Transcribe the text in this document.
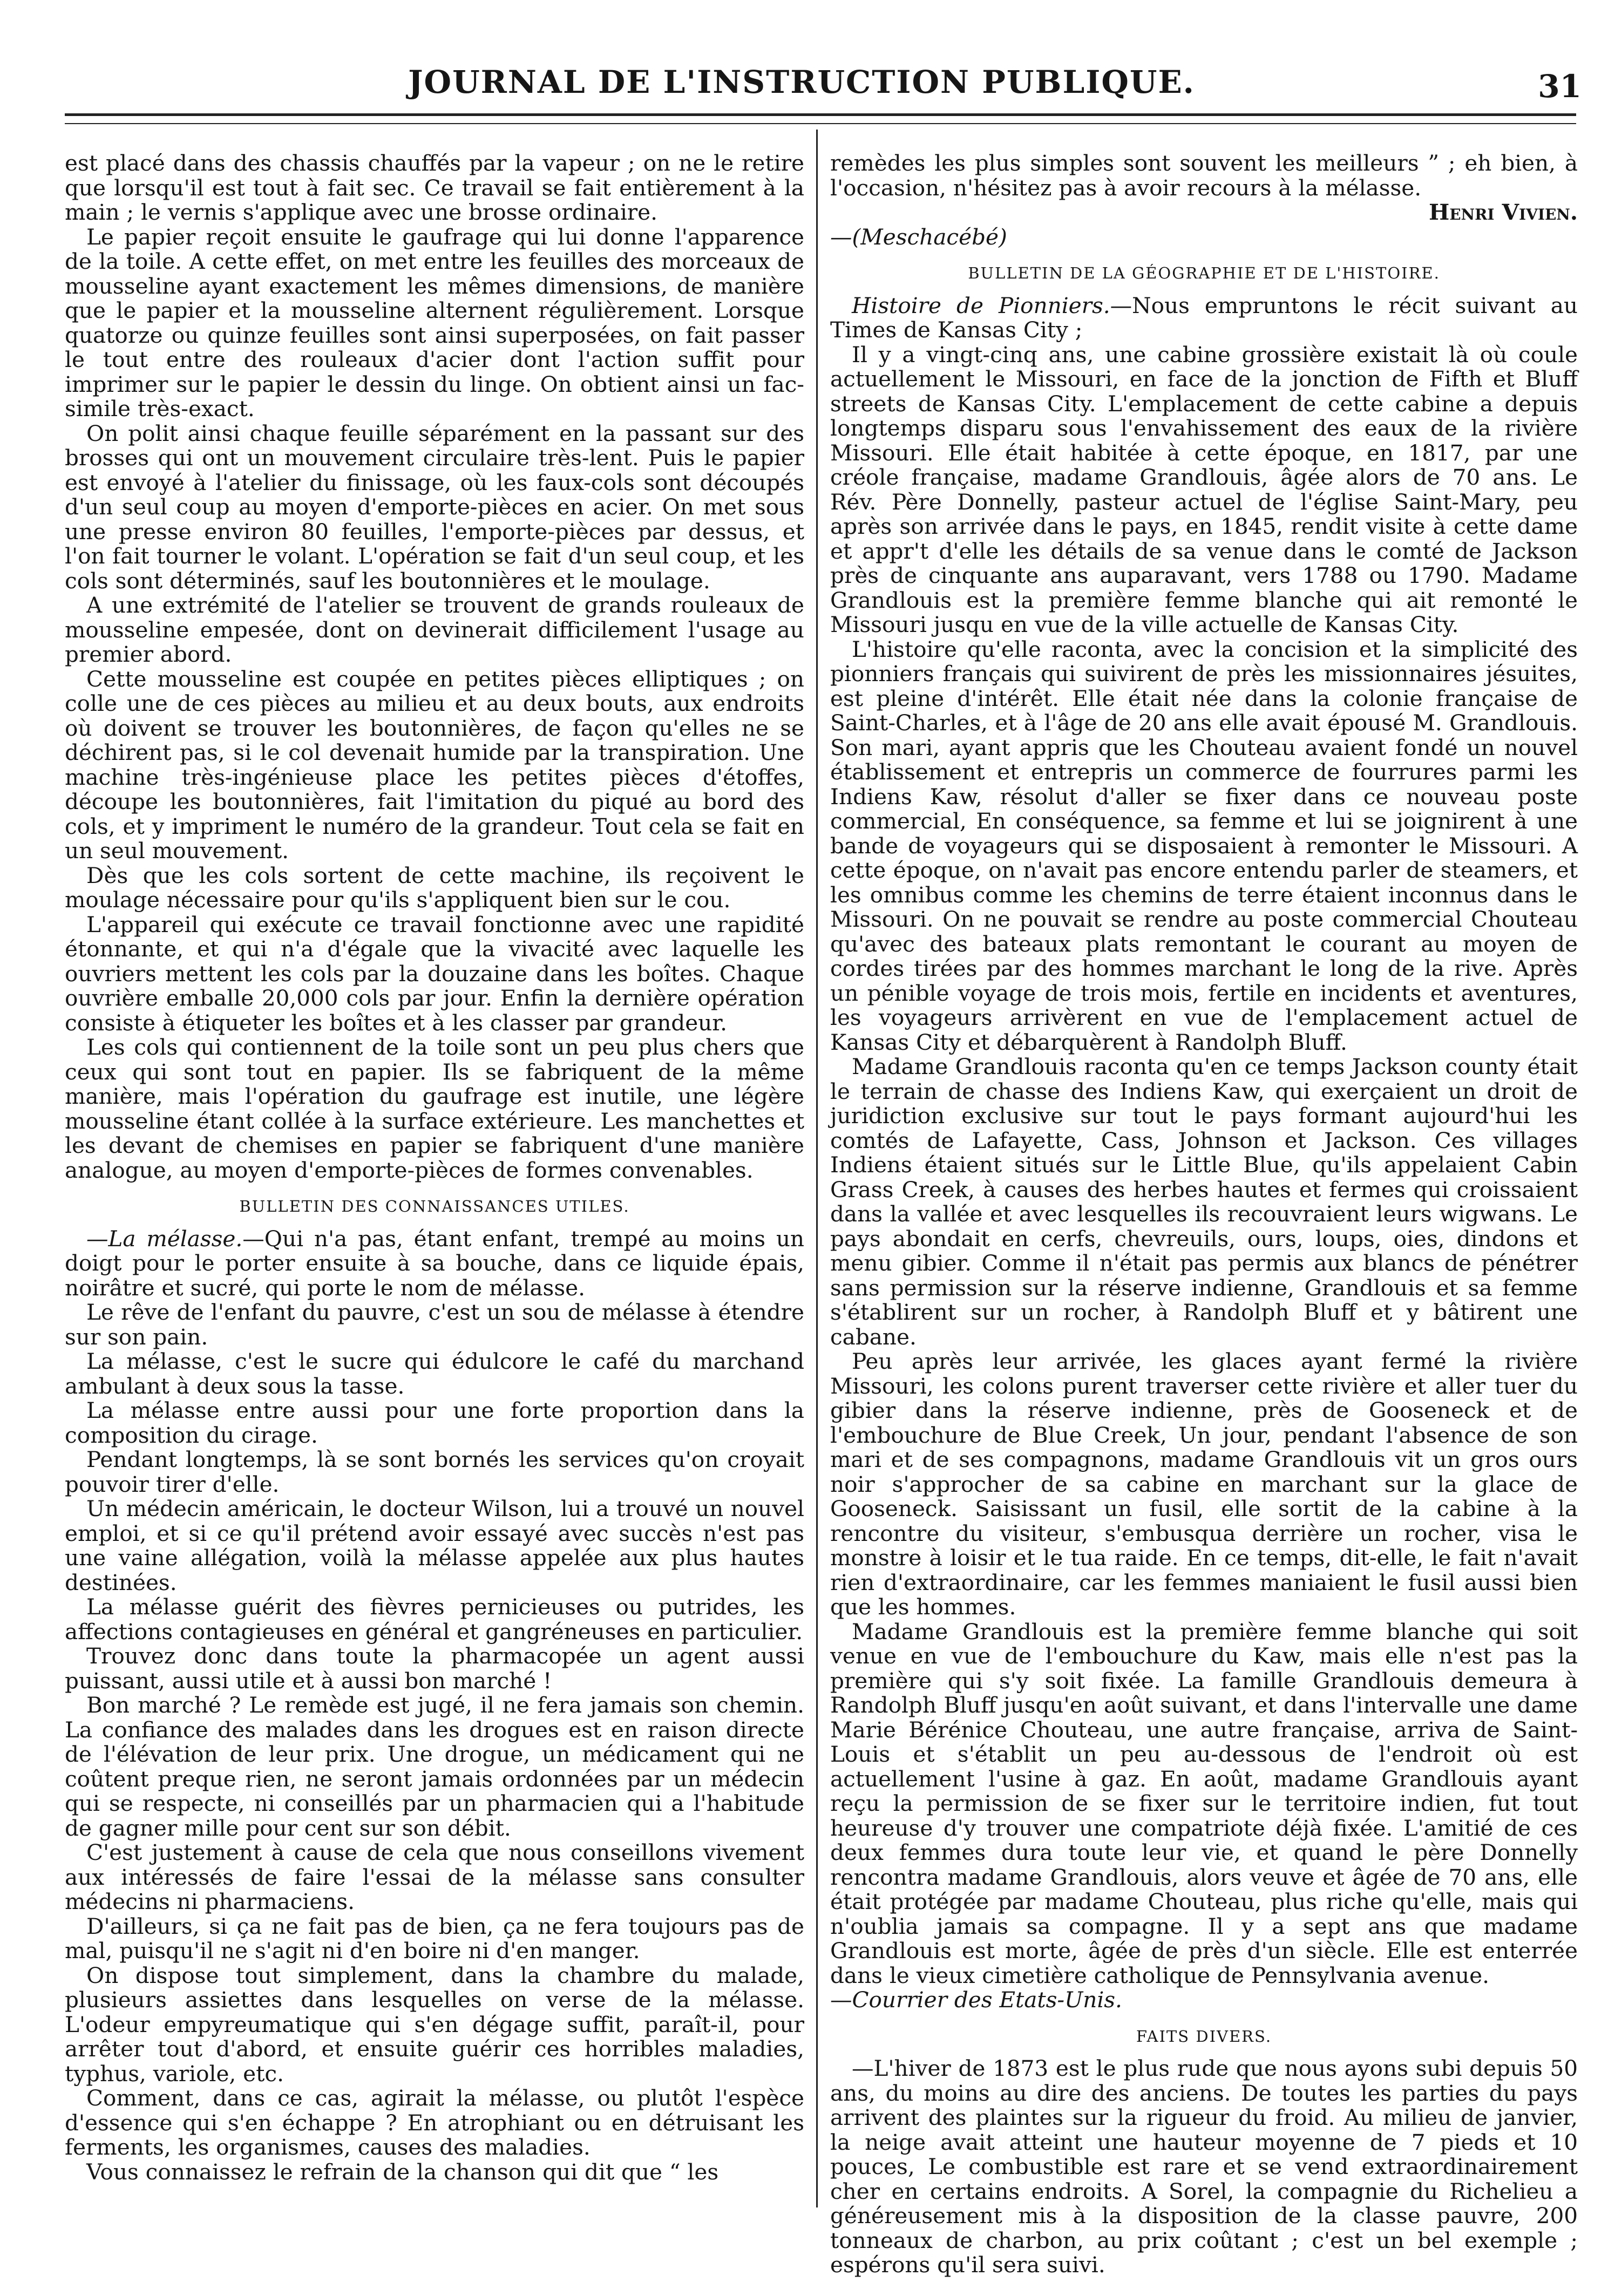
JOURNAL DE L'INSTRUCTION PUBLIQUE.	31

est placé dans des chassis chauffés par la vapeur ; on ne le retire que lorsqu'il est tout à fait sec. Ce travail se fait entièrement à la main ; le vernis s'applique avec une brosse ordinaire.

Le papier reçoit ensuite le gaufrage qui lui donne l'apparence de la toile. A cette effet, on met entre les feuilles des morceaux de mousseline ayant exactement les mêmes dimensions, de manière que le papier et la mousseline alternent régulièrement. Lorsque quatorze ou quinze feuilles sont ainsi superposées, on fait passer le tout entre des rouleaux d'acier dont l'action suffit pour imprimer sur le papier le dessin du linge. On obtient ainsi un fac-simile très-exact.

On polit ainsi chaque feuille séparément en la passant sur des brosses qui ont un mouvement circulaire très-lent. Puis le papier est envoyé à l'atelier du finissage, où les faux-cols sont découpés d'un seul coup au moyen d'emporte-pièces en acier. On met sous une presse environ 80 feuilles, l'emporte-pièces par dessus, et l'on fait tourner le volant. L'opération se fait d'un seul coup, et les cols sont déterminés, sauf les boutonnières et le moulage.

A une extrémité de l'atelier se trouvent de grands rouleaux de mousseline empesée, dont on devinerait difficilement l'usage au premier abord.

Cette mousseline est coupée en petites pièces elliptiques ; on colle une de ces pièces au milieu et au deux bouts, aux endroits où doivent se trouver les boutonnières, de façon qu'elles ne se déchirent pas, si le col devenait humide par la transpiration. Une machine très-ingénieuse place les petites pièces d'étoffes, découpe les boutonnières, fait l'imitation du piqué au bord des cols, et y impriment le numéro de la grandeur. Tout cela se fait en un seul mouvement.

Dès que les cols sortent de cette machine, ils reçoivent le moulage nécessaire pour qu'ils s'appliquent bien sur le cou.

L'appareil qui exécute ce travail fonctionne avec une rapidité étonnante, et qui n'a d'égale que la vivacité avec laquelle les ouvriers mettent les cols par la douzaine dans les boîtes. Chaque ouvrière emballe 20,000 cols par jour. Enfin la dernière opération consiste à étiqueter les boîtes et à les classer par grandeur.

Les cols qui contiennent de la toile sont un peu plus chers que ceux qui sont tout en papier. Ils se fabriquent de la même manière, mais l'opération du gaufrage est inutile, une légère mousseline étant collée à la surface extérieure. Les manchettes et les devant de chemises en papier se fabriquent d'une manière analogue, au moyen d'emporte-pièces de formes convenables.

BULLETIN DES CONNAISSANCES UTILES.

—La mélasse.—Qui n'a pas, étant enfant, trempé au moins un doigt pour le porter ensuite à sa bouche, dans ce liquide épais, noirâtre et sucré, qui porte le nom de mélasse.

Le rêve de l'enfant du pauvre, c'est un sou de mélasse à étendre sur son pain.

La mélasse, c'est le sucre qui édulcore le café du marchand ambulant à deux sous la tasse.

La mélasse entre aussi pour une forte proportion dans la composition du cirage.

Pendant longtemps, là se sont bornés les services qu'on croyait pouvoir tirer d'elle.

Un médecin américain, le docteur Wilson, lui a trouvé un nouvel emploi, et si ce qu'il prétend avoir essayé avec succès n'est pas une vaine allégation, voilà la mélasse appelée aux plus hautes destinées.

La mélasse guérit des fièvres pernicieuses ou putrides, les affections contagieuses en général et gangréneuses en particulier.

Trouvez donc dans toute la pharmacopée un agent aussi puissant, aussi utile et à aussi bon marché !

Bon marché ? Le remède est jugé, il ne fera jamais son chemin. La confiance des malades dans les drogues est en raison directe de l'élévation de leur prix. Une drogue, un médicament qui ne coûtent preque rien, ne seront jamais ordonnées par un médecin qui se respecte, ni conseillés par un pharmacien qui a l'habitude de gagner mille pour cent sur son débit.

C'est justement à cause de cela que nous conseillons vivement aux intéressés de faire l'essai de la mélasse sans consulter médecins ni pharmaciens.

D'ailleurs, si ça ne fait pas de bien, ça ne fera toujours pas de mal, puisqu'il ne s'agit ni d'en boire ni d'en manger.

On dispose tout simplement, dans la chambre du malade, plusieurs assiettes dans lesquelles on verse de la mélasse. L'odeur empyreumatique qui s'en dégage suffit, paraît-il, pour arrêter tout d'abord, et ensuite guérir ces horribles maladies, typhus, variole, etc.

Comment, dans ce cas, agirait la mélasse, ou plutôt l'espèce d'essence qui s'en échappe ? En atrophiant ou en détruisant les ferments, les organismes, causes des maladies.

Vous connaissez le refrain de la chanson qui dit que “ les

remèdes les plus simples sont souvent les meilleurs ” ; eh bien, à l'occasion, n'hésitez pas à avoir recours à la mélasse.

Henri Vivien.

—(Meschacébé)

BULLETIN DE LA GÉOGRAPHIE ET DE L'HISTOIRE.

Histoire de Pionniers.—Nous empruntons le récit suivant au Times de Kansas City ;

Il y a vingt-cinq ans, une cabine grossière existait là où coule actuellement le Missouri, en face de la jonction de Fifth et Bluff streets de Kansas City. L'emplacement de cette cabine a depuis longtemps disparu sous l'envahissement des eaux de la rivière Missouri. Elle était habitée à cette époque, en 1817, par une créole française, madame Grandlouis, âgée alors de 70 ans. Le Rév. Père Donnelly, pasteur actuel de l'église Saint-Mary, peu après son arrivée dans le pays, en 1845, rendit visite à cette dame et appr't d'elle les détails de sa venue dans le comté de Jackson près de cinquante ans auparavant, vers 1788 ou 1790. Madame Grandlouis est la première femme blanche qui ait remonté le Missouri jusqu en vue de la ville actuelle de Kansas City.

L'histoire qu'elle raconta, avec la concision et la simplicité des pionniers français qui suivirent de près les missionnaires jésuites, est pleine d'intérêt. Elle était née dans la colonie française de Saint-Charles, et à l'âge de 20 ans elle avait épousé M. Grandlouis. Son mari, ayant appris que les Chouteau avaient fondé un nouvel établissement et entrepris un commerce de fourrures parmi les Indiens Kaw, résolut d'aller se fixer dans ce nouveau poste commercial, En conséquence, sa femme et lui se joignirent à une bande de voyageurs qui se disposaient à remonter le Missouri. A cette époque, on n'avait pas encore entendu parler de steamers, et les omnibus comme les chemins de terre étaient inconnus dans le Missouri. On ne pouvait se rendre au poste commercial Chouteau qu'avec des bateaux plats remontant le courant au moyen de cordes tirées par des hommes marchant le long de la rive. Après un pénible voyage de trois mois, fertile en incidents et aventures, les voyageurs arrivèrent en vue de l'emplacement actuel de Kansas City et débarquèrent à Randolph Bluff.

Madame Grandlouis raconta qu'en ce temps Jackson county était le terrain de chasse des Indiens Kaw, qui exerçaient un droit de juridiction exclusive sur tout le pays formant aujourd'hui les comtés de Lafayette, Cass, Johnson et Jackson. Ces villages Indiens étaient situés sur le Little Blue, qu'ils appelaient Cabin Grass Creek, à causes des herbes hautes et fermes qui croissaient dans la vallée et avec lesquelles ils recouvraient leurs wigwans. Le pays abondait en cerfs, chevreuils, ours, loups, oies, dindons et menu gibier. Comme il n'était pas permis aux blancs de pénétrer sans permission sur la réserve indienne, Grandlouis et sa femme s'établirent sur un rocher, à Randolph Bluff et y bâtirent une cabane.

Peu après leur arrivée, les glaces ayant fermé la rivière Missouri, les colons purent traverser cette rivière et aller tuer du gibier dans la réserve indienne, près de Gooseneck et de l'embouchure de Blue Creek, Un jour, pendant l'absence de son mari et de ses compagnons, madame Grandlouis vit un gros ours noir s'approcher de sa cabine en marchant sur la glace de Gooseneck. Saisissant un fusil, elle sortit de la cabine à la rencontre du visiteur, s'embusqua derrière un rocher, visa le monstre à loisir et le tua raide. En ce temps, dit-elle, le fait n'avait rien d'extraordinaire, car les femmes maniaient le fusil aussi bien que les hommes.

Madame Grandlouis est la première femme blanche qui soit venue en vue de l'embouchure du Kaw, mais elle n'est pas la première qui s'y soit fixée. La famille Grandlouis demeura à Randolph Bluff jusqu'en août suivant, et dans l'intervalle une dame Marie Bérénice Chouteau, une autre française, arriva de Saint-Louis et s'établit un peu au-dessous de l'endroit où est actuellement l'usine à gaz. En août, madame Grandlouis ayant reçu la permission de se fixer sur le territoire indien, fut tout heureuse d'y trouver une compatriote déjà fixée. L'amitié de ces deux femmes dura toute leur vie, et quand le père Donnelly rencontra madame Grandlouis, alors veuve et âgée de 70 ans, elle était protégée par madame Chouteau, plus riche qu'elle, mais qui n'oublia jamais sa compagne. Il y a sept ans que madame Grandlouis est morte, âgée de près d'un siècle. Elle est enterrée dans le vieux cimetière catholique de Pennsylvania avenue.

—Courrier des Etats-Unis.

FAITS DIVERS.

—L'hiver de 1873 est le plus rude que nous ayons subi depuis 50 ans, du moins au dire des anciens. De toutes les parties du pays arrivent des plaintes sur la rigueur du froid. Au milieu de janvier, la neige avait atteint une hauteur moyenne de 7 pieds et 10 pouces, Le combustible est rare et se vend extraordinairement cher en certains endroits. A Sorel, la compagnie du Richelieu a généreusement mis à la disposition de la classe pauvre, 200 tonneaux de charbon, au prix coûtant ; c'est un bel exemple ; espérons qu'il sera suivi.
